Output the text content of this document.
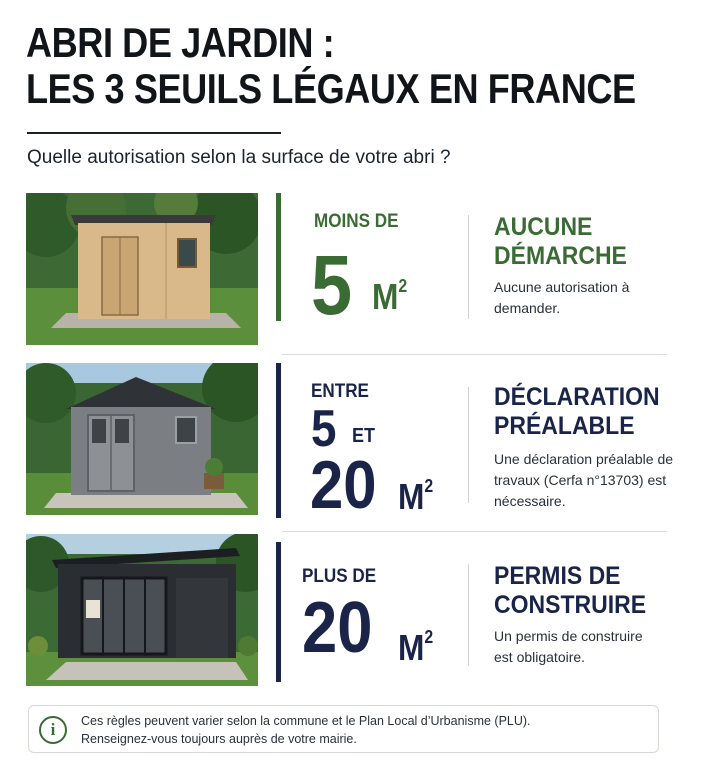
ABRI DE JARDIN :
LES 3 SEUILS LÉGAUX EN FRANCE
Quelle autorisation selon la surface de votre abri ?
MOINS DE
5 $M^2$
AUCUNE
DÉMARCHE
Aucune autorisation à demander.
ENTRE
5 ET
20 $M^2$
DÉCLARATION
PRÉALABLE
Une déclaration préalable de travaux (Cerfa n°13703) est nécessaire.
PLUS DE
20 $M^2$
PERMIS DE
CONSTRUIRE
Un permis de construire est obligatoire.
i	Ces règles peuvent varier selon la commune et le Plan Local d’Urbanisme (PLU).
Renseignez-vous toujours auprès de votre mairie.
